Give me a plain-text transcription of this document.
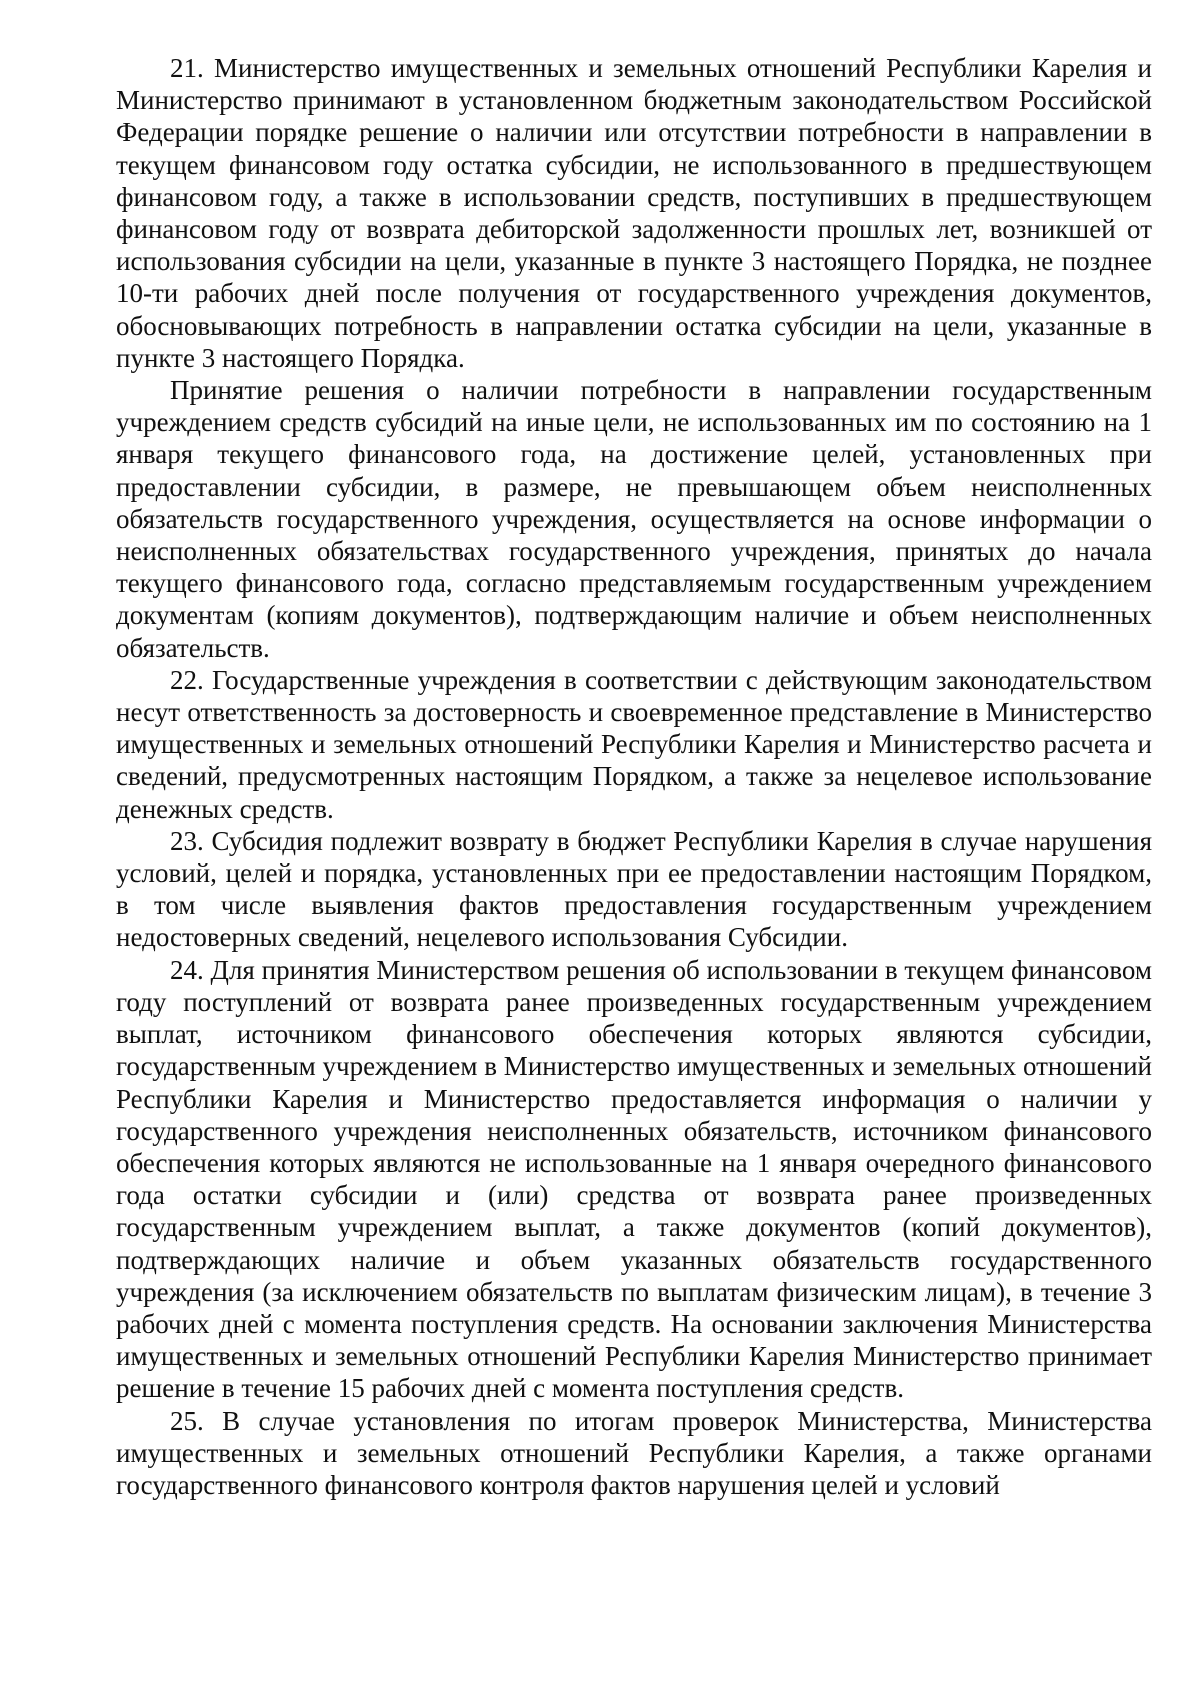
21. Министерство имущественных и земельных отношений Республики Карелия и Министерство принимают в установленном бюджетным законодательством Российской Федерации порядке решение о наличии или отсутствии потребности в направлении в текущем финансовом году остатка субсидии, не использованного в предшествующем финансовом году, а также в использовании средств, поступивших в предшествующем финансовом году от возврата дебиторской задолженности прошлых лет, возникшей от использования субсидии на цели, указанные в пункте 3 настоящего Порядка, не позднее 10-ти рабочих дней после получения от государственного учреждения документов, обосновывающих потребность в направлении остатка субсидии на цели, указанные в пункте 3 настоящего Порядка.

Принятие решения о наличии потребности в направлении государственным учреждением средств субсидий на иные цели, не использованных им по состоянию на 1 января текущего финансового года, на достижение целей, установленных при предоставлении субсидии, в размере, не превышающем объем неисполненных обязательств государственного учреждения, осуществляется на основе информации о неисполненных обязательствах государственного учреждения, принятых до начала текущего финансового года, согласно представляемым государственным учреждением документам (копиям документов), подтверждающим наличие и объем неисполненных обязательств.

22. Государственные учреждения в соответствии с действующим законодательством несут ответственность за достоверность и своевременное представление в Министерство имущественных и земельных отношений Республики Карелия и Министерство расчета и сведений, предусмотренных настоящим Порядком, а также за нецелевое использование денежных средств.

23. Субсидия подлежит возврату в бюджет Республики Карелия в случае нарушения условий, целей и порядка, установленных при ее предоставлении настоящим Порядком, в том числе выявления фактов предоставления государственным учреждением недостоверных сведений, нецелевого использования Субсидии.

24. Для принятия Министерством решения об использовании в текущем финансовом году поступлений от возврата ранее произведенных государственным учреждением выплат, источником финансового обеспечения которых являются субсидии, государственным учреждением в Министерство имущественных и земельных отношений Республики Карелия и Министерство предоставляется информация о наличии у государственного учреждения неисполненных обязательств, источником финансового обеспечения которых являются не использованные на 1 января очередного финансового года остатки субсидии и (или) средства от возврата ранее произведенных государственным учреждением выплат, а также документов (копий документов), подтверждающих наличие и объем указанных обязательств государственного учреждения (за исключением обязательств по выплатам физическим лицам), в течение 3 рабочих дней с момента поступления средств. На основании заключения Министерства имущественных и земельных отношений Республики Карелия Министерство принимает решение в течение 15 рабочих дней с момента поступления средств.

25. В случае установления по итогам проверок Министерства, Министерства имущественных и земельных отношений Республики Карелия, а также органами государственного финансового контроля фактов нарушения целей и условий
